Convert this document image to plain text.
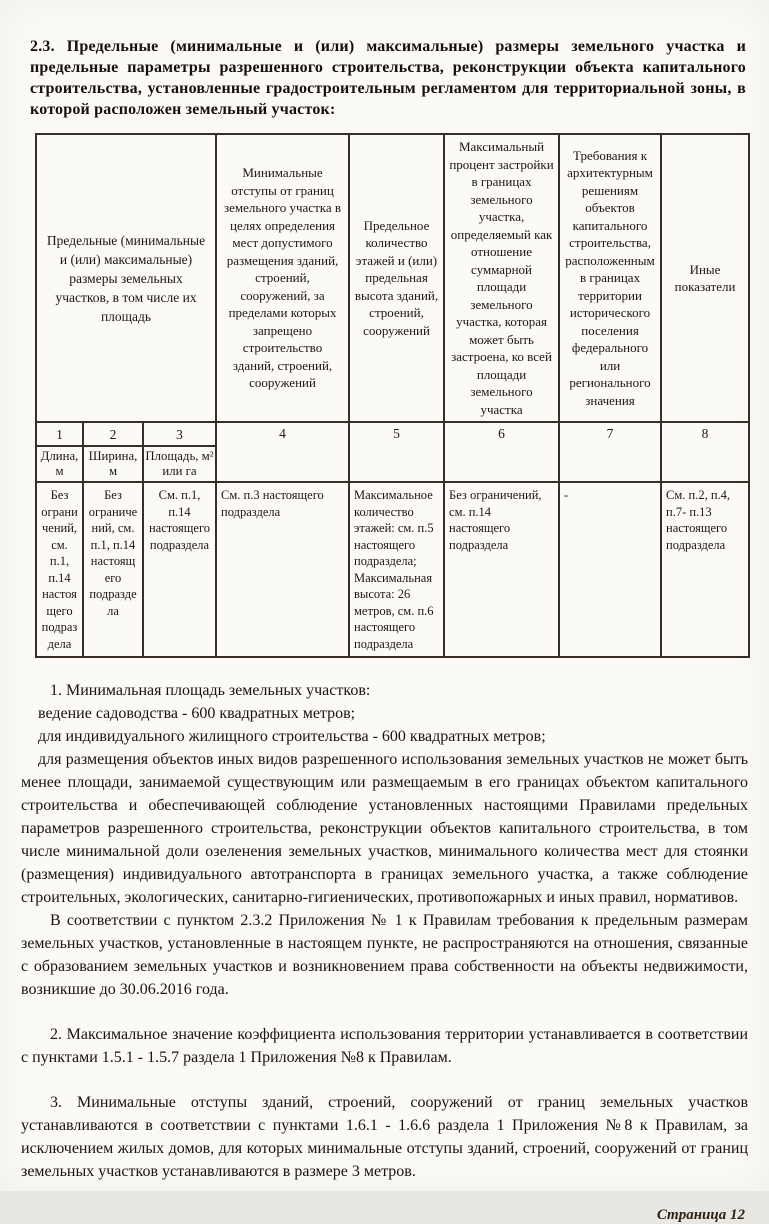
2.3. Предельные (минимальные и (или) максимальные) размеры земельного участка и предельные параметры разрешенного строительства, реконструкции объекта капитального строительства, установленные градостроительным регламентом для территориальной зоны, в которой расположен земельный участок:

Предельные (минимальные и (или) максимальные) размеры земельных участков, в том числе их площадь			Минимальные отступы от границ земельного участка в целях определения мест допустимого размещения зданий, строений, сооружений, за пределами которых запрещено строительство зданий, строений, сооружений	Предельное количество этажей и (или) предельная высота зданий, строений, сооружений	Максимальный процент застройки в границах земельного участка, определяемый как отношение суммарной площади земельного участка, которая может быть застроена, ко всей площади земельного участка	Требования к архитектурным решениям объектов капитального строительства, расположенным в границах территории исторического поселения федерального или регионального значения	Иные показатели
1	2	3	4	5	6	7	8
Длина, м	Ширина, м	Площадь, м² или га					
Без ограничений, см. п.1, п.14 настоящего подраздела	Без ограничений, см. п.1, п.14 настоящего подраздела	См. п.1, п.14 настоящего подраздела	См. п.3 настоящего подраздела	Максимальное количество этажей: см. п.5 настоящего подраздела; Максимальная высота: 26 метров, см. п.6 настоящего подраздела	Без ограничений, см. п.14 настоящего подраздела	-	См. п.2, п.4, п.7- п.13 настоящего подраздела

1. Минимальная площадь земельных участков:

ведение садоводства - 600 квадратных метров;

для индивидуального жилищного строительства - 600 квадратных метров;

для размещения объектов иных видов разрешенного использования земельных участков не может быть менее площади, занимаемой существующим или размещаемым в его границах объектом капитального строительства и обеспечивающей соблюдение установленных настоящими Правилами предельных параметров разрешенного строительства, реконструкции объектов капитального строительства, в том числе минимальной доли озеленения земельных участков, минимального количества мест для стоянки (размещения) индивидуального автотранспорта в границах земельного участка, а также соблюдение строительных, экологических, санитарно-гигиенических, противопожарных и иных правил, нормативов.

В соответствии с пунктом 2.3.2 Приложения № 1 к Правилам требования к предельным размерам земельных участков, установленные в настоящем пункте, не распространяются на отношения, связанные с образованием земельных участков и возникновением права собственности на объекты недвижимости, возникшие до 30.06.2016 года.

2. Максимальное значение коэффициента использования территории устанавливается в соответствии с пунктами 1.5.1 - 1.5.7 раздела 1 Приложения №8 к Правилам.

3. Минимальные отступы зданий, строений, сооружений от границ земельных участков устанавливаются в соответствии с пунктами 1.6.1 - 1.6.6 раздела 1 Приложения №8 к Правилам, за исключением жилых домов, для которых минимальные отступы зданий, строений, сооружений от границ земельных участков устанавливаются в размере 3 метров.

Страница 12
